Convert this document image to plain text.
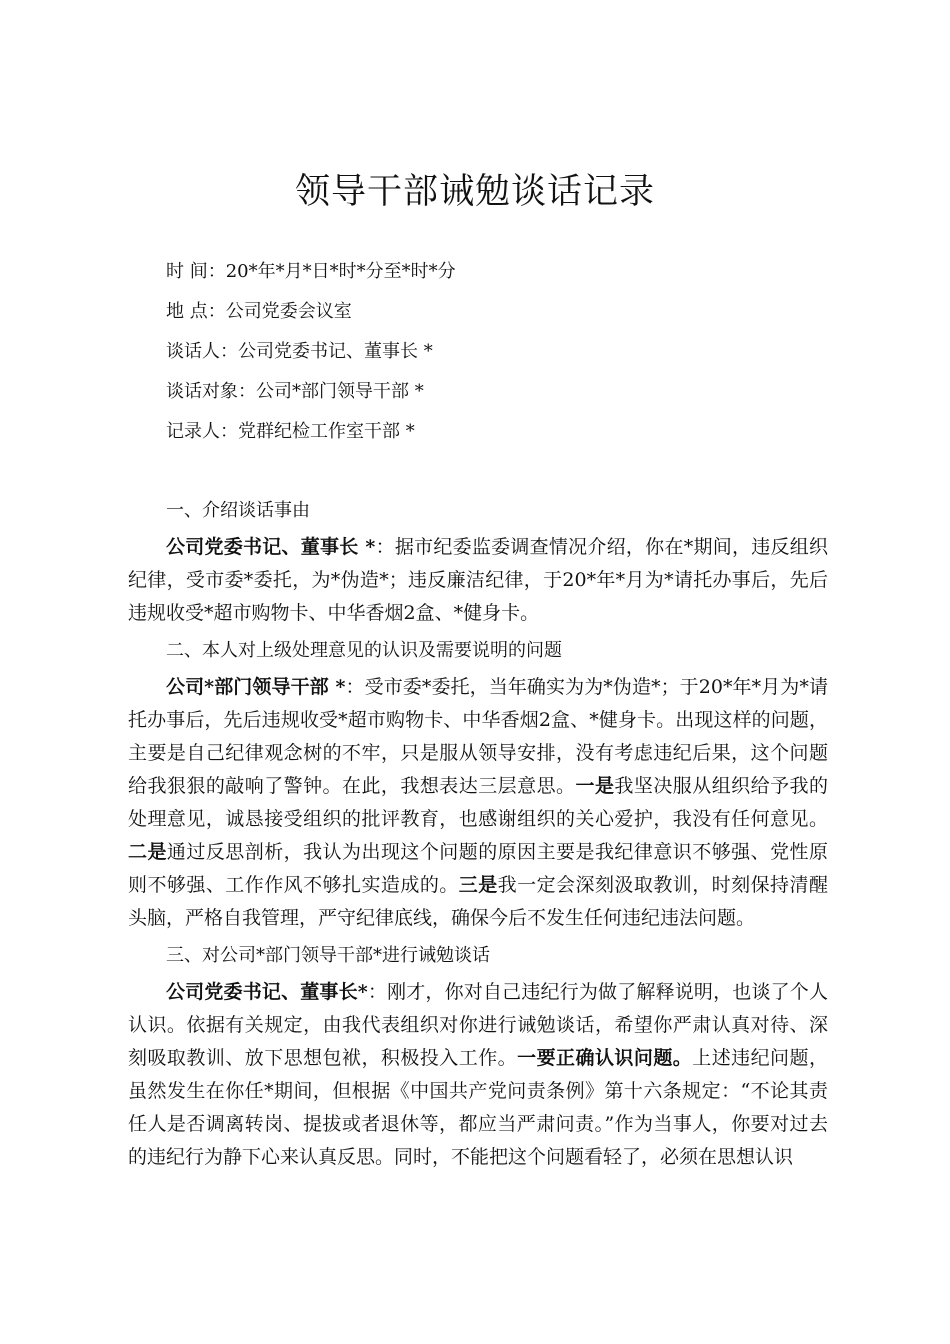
领导干部诫勉谈话记录
时 间：20*年*月*日*时*分至*时*分
地 点：公司党委会议室
谈话人：公司党委书记、董事长 *
谈话对象：公司*部门领导干部 *
记录人：党群纪检工作室干部 *

一、介绍谈话事由

公司党委书记、董事长 *：据市纪委监委调查情况介绍，你在*期间，违反组织纪律，受市委*委托，为*伪造*；违反廉洁纪律，于20*年*月为*请托办事后，先后违规收受*超市购物卡、中华香烟2盒、*健身卡。

二、本人对上级处理意见的认识及需要说明的问题

公司*部门领导干部 *：受市委*委托，当年确实为为*伪造*；于20*年*月为*请托办事后，先后违规收受*超市购物卡、中华香烟2盒、*健身卡。出现这样的问题，主要是自己纪律观念树的不牢，只是服从领导安排，没有考虑违纪后果，这个问题给我狠狠的敲响了警钟。在此，我想表达三层意思。一是我坚决服从组织给予我的处理意见，诚恳接受组织的批评教育，也感谢组织的关心爱护，我没有任何意见。二是通过反思剖析，我认为出现这个问题的原因主要是我纪律意识不够强、党性原则不够强、工作作风不够扎实造成的。三是我一定会深刻汲取教训，时刻保持清醒头脑，严格自我管理，严守纪律底线，确保今后不发生任何违纪违法问题。

三、对公司*部门领导干部*进行诫勉谈话

公司党委书记、董事长*：刚才，你对自己违纪行为做了解释说明，也谈了个人认识。依据有关规定，由我代表组织对你进行诫勉谈话，希望你严肃认真对待、深刻吸取教训、放下思想包袱，积极投入工作。一要正确认识问题。上述违纪问题，虽然发生在你任*期间，但根据《中国共产党问责条例》第十六条规定：“不论其责任人是否调离转岗、提拔或者退休等，都应当严肃问责。”作为当事人，你要对过去的违纪行为静下心来认真反思。同时，不能把这个问题看轻了，必须在思想认识
